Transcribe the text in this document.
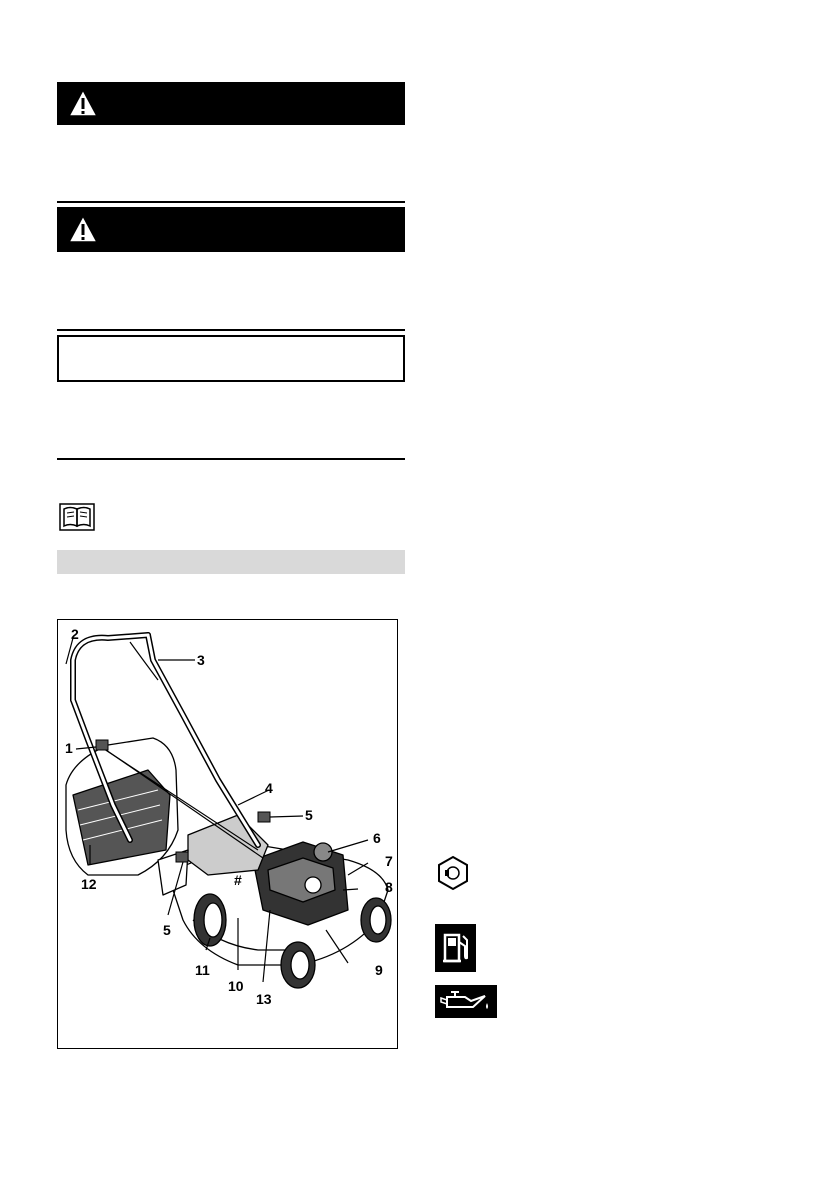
2
3
1
4
5
6
7
8
12	#
5
11	9
10
13
